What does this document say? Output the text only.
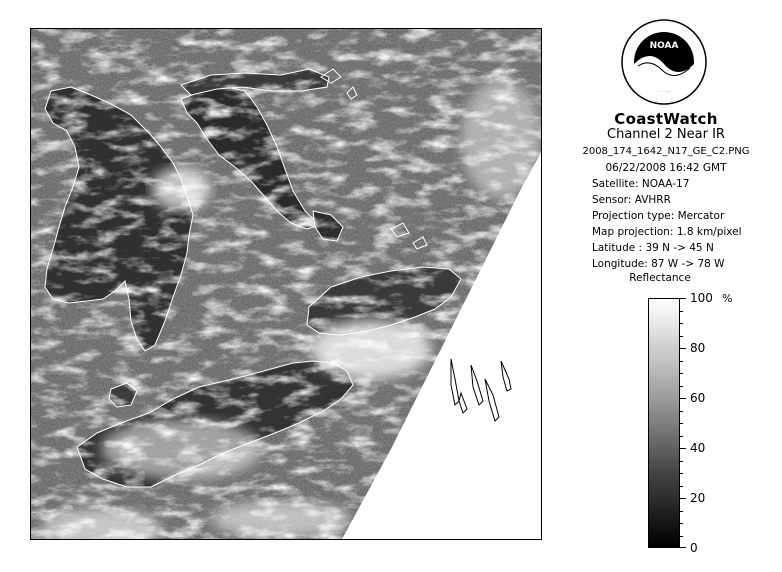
NOAA
CoastWatch
Channel 2 Near IR
2008_174_1642_N17_GE_C2.PNG
06/22/2008 16:42 GMT
Satellite: NOAA-17
Sensor: AVHRR
Projection type: Mercator
Map projection: 1.8 km/pixel
Latitude : 39 N -> 45 N
Longitude: 87 W -> 78 W
Reflectance
%
0
20
40
60
80
100
